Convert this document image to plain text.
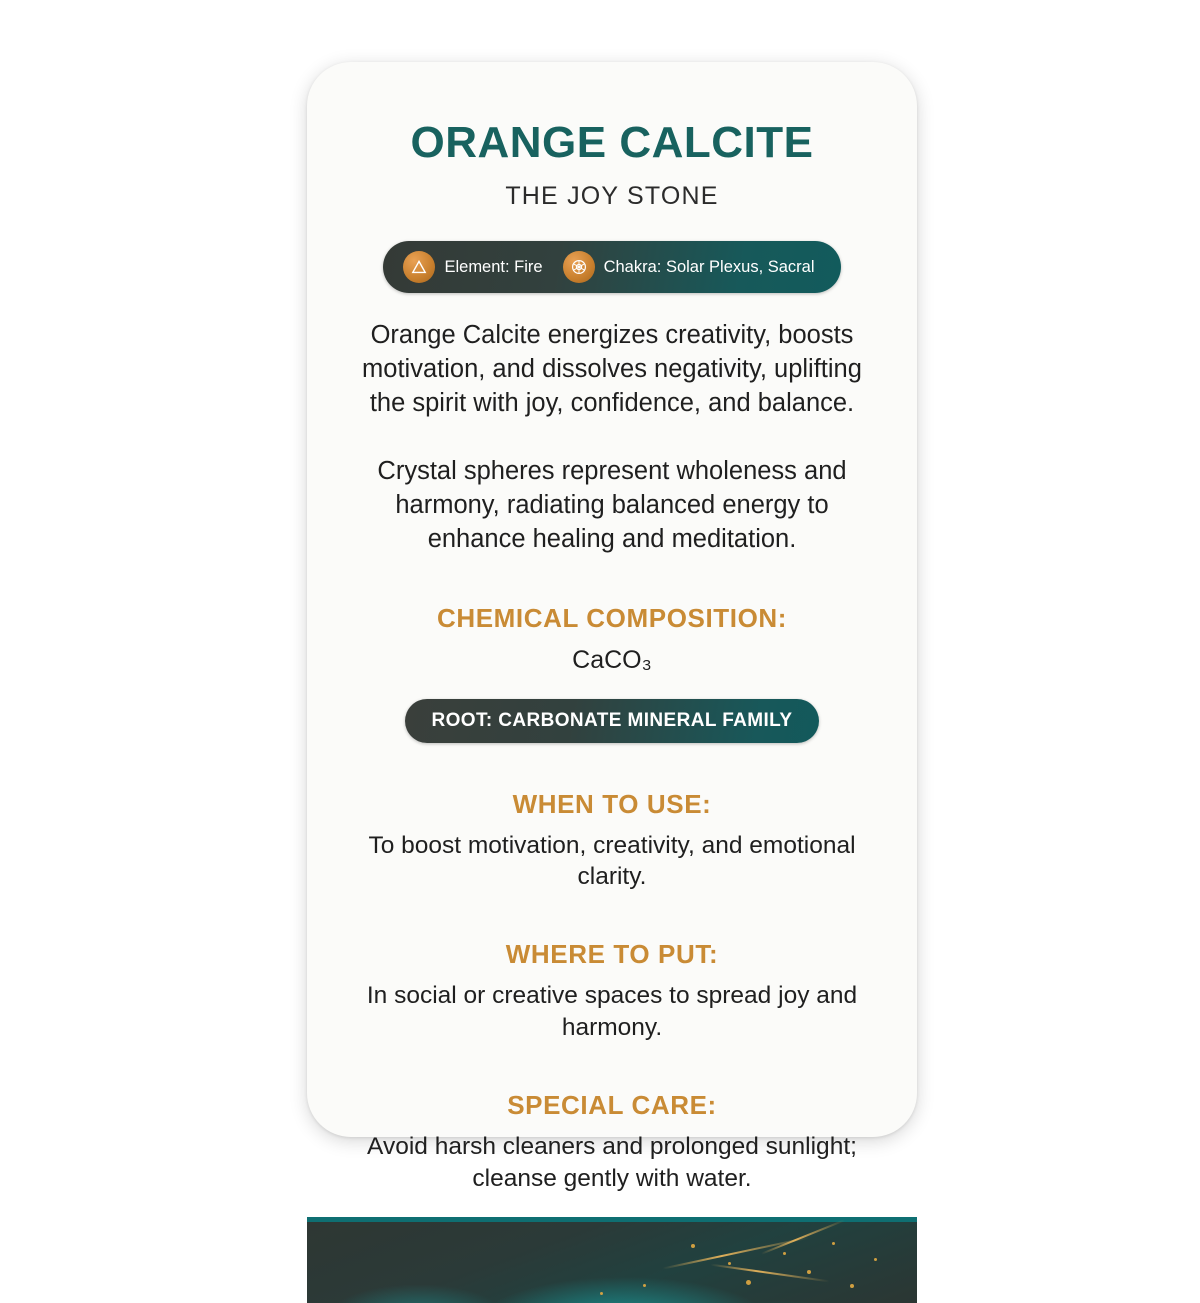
ORANGE CALCITE
THE JOY STONE
Element: Fire	Chakra: Solar Plexus, Sacral

Orange Calcite energizes creativity, boosts motivation, and dissolves negativity, uplifting the spirit with joy, confidence, and balance.

Crystal spheres represent wholeness and harmony, radiating balanced energy to enhance healing and meditation.

CHEMICAL COMPOSITION:
CaCO₃
ROOT: CARBONATE MINERAL FAMILY
WHEN TO USE:
To boost motivation, creativity, and emotional clarity.
WHERE TO PUT:
In social or creative spaces to spread joy and harmony.
SPECIAL CARE:
Avoid harsh cleaners and prolonged sunlight; cleanse gently with water.
